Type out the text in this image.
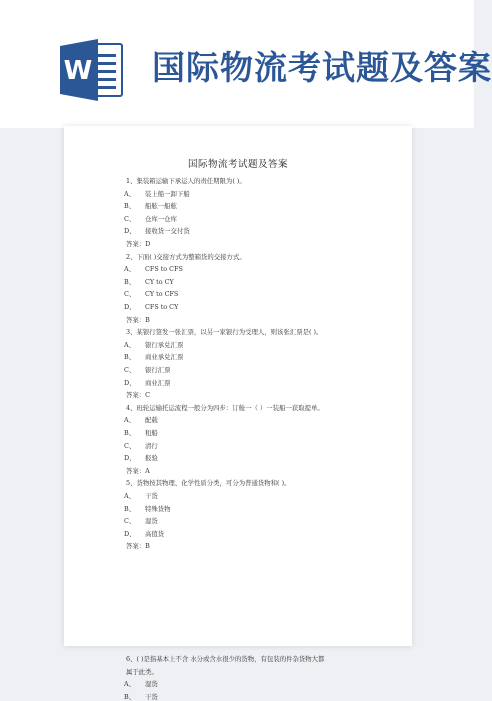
W 国际物流考试题及答案
国际物流考试题及答案
1、集装箱运输下承运人的责任期限为( )。
A、 装上船一卸下船
B、 船舷一船舷
C、 仓库一仓库
D、 接收货一交付货
答案：D
2、下面( )交接方式为整箱货的交接方式。
A、 CFS to CFS
B、 CY to CY
C、 CY to CFS
D、 CFS to CY
答案：B
3、某银行签发一张汇票，以另一家银行为受理人，则该张汇票是( )。
A、 银行承兑汇票
B、 商业承兑汇票
C、 银行汇票
D、 商业汇票
答案：C
4、班轮运输托运流程一般分为四步：订舱一（ ）一装船一获取提单。
A、 配载
B、 租船
C、 清行
D、 报验
答案：A
5、货物按其物理、化学性质分类，可分为普通货物和( )。
A、 干货
B、 特殊货物
C、 湿货
D、 高值货
答案：B
6、( )是指基本上不含 水分或含水很少的货物，有包装的件杂货物大都
属于此类。
A、 湿货
B、 干货
